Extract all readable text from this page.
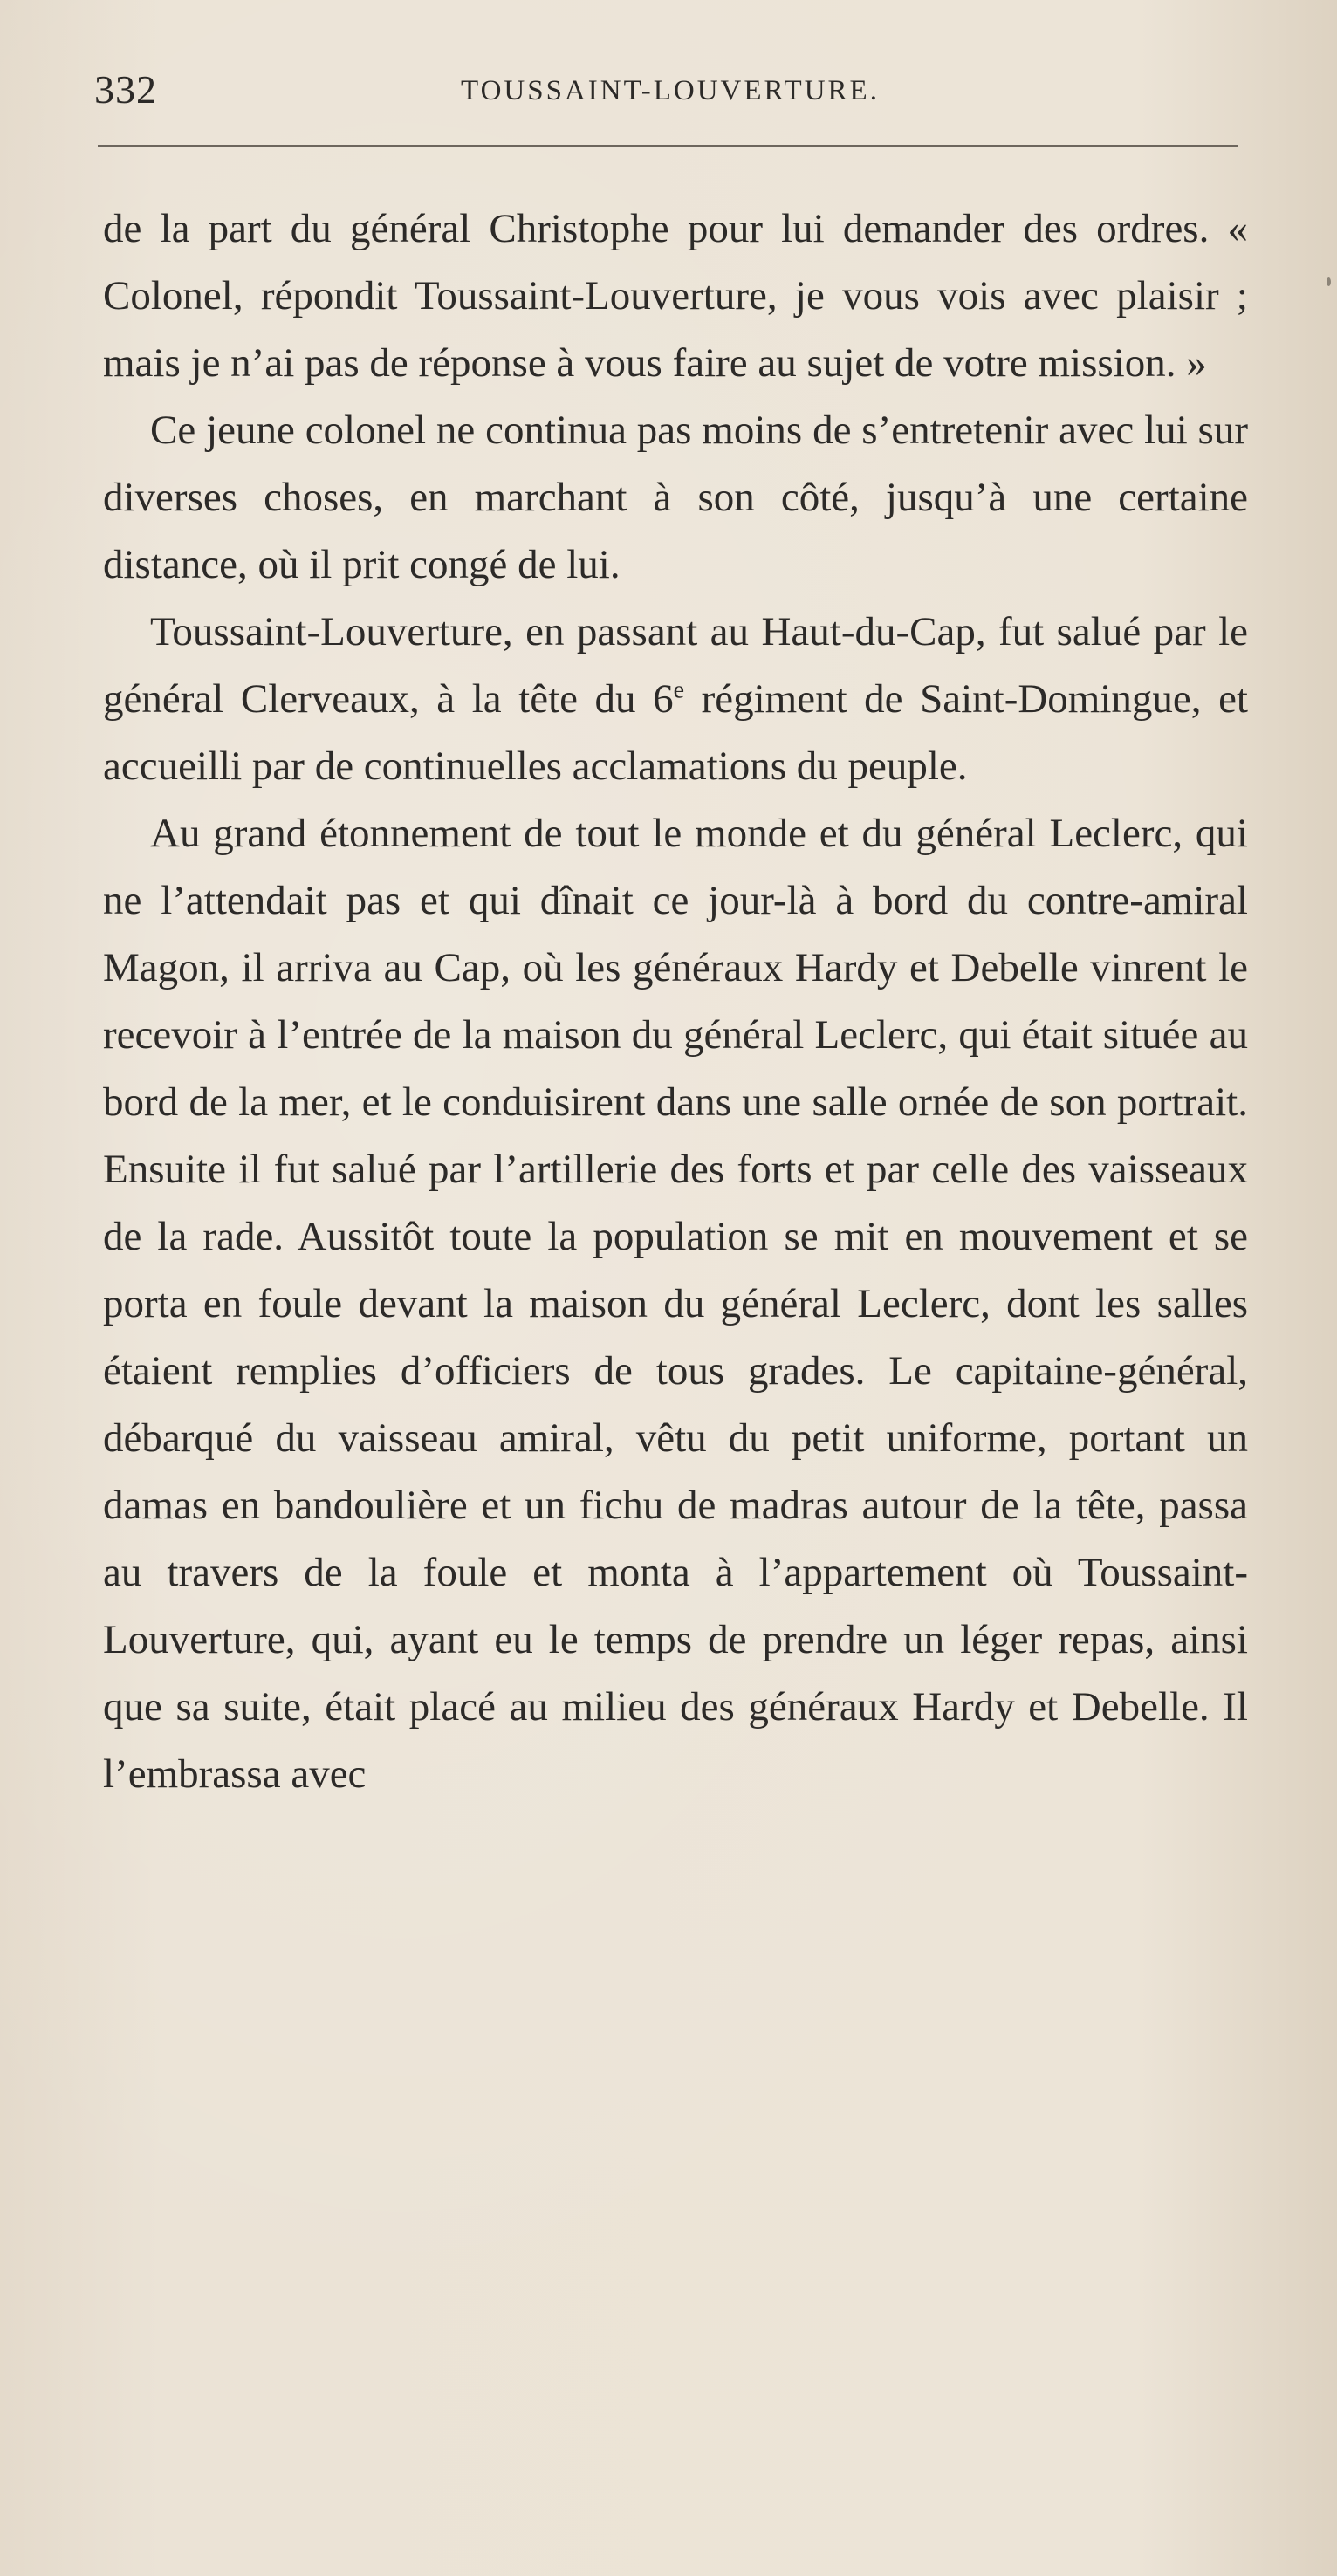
332	TOUSSAINT-LOUVERTURE.

de la part du général Christophe pour lui demander des ordres. « Colonel, répondit Toussaint-Louverture, je vous vois avec plaisir ; mais je n’ai pas de réponse à vous faire au sujet de votre mission. »

Ce jeune colonel ne continua pas moins de s’entretenir avec lui sur diverses choses, en marchant à son côté, jusqu’à une certaine distance, où il prit congé de lui.

Toussaint-Louverture, en passant au Haut-du-Cap, fut salué par le général Clerveaux, à la tête du 6e régiment de Saint-Domingue, et accueilli par de continuelles acclamations du peuple.

Au grand étonnement de tout le monde et du général Leclerc, qui ne l’attendait pas et qui dînait ce jour-là à bord du contre-amiral Magon, il arriva au Cap, où les généraux Hardy et Debelle vinrent le recevoir à l’entrée de la maison du général Leclerc, qui était située au bord de la mer, et le conduisirent dans une salle ornée de son portrait. Ensuite il fut salué par l’artillerie des forts et par celle des vaisseaux de la rade. Aussitôt toute la population se mit en mouvement et se porta en foule devant la maison du général Leclerc, dont les salles étaient remplies d’officiers de tous grades. Le capitaine-général, débarqué du vaisseau amiral, vêtu du petit uniforme, portant un damas en bandoulière et un fichu de madras autour de la tête, passa au travers de la foule et monta à l’appartement où Toussaint-Louverture, qui, ayant eu le temps de prendre un léger repas, ainsi que sa suite, était placé au milieu des généraux Hardy et Debelle. Il l’embrassa avec
